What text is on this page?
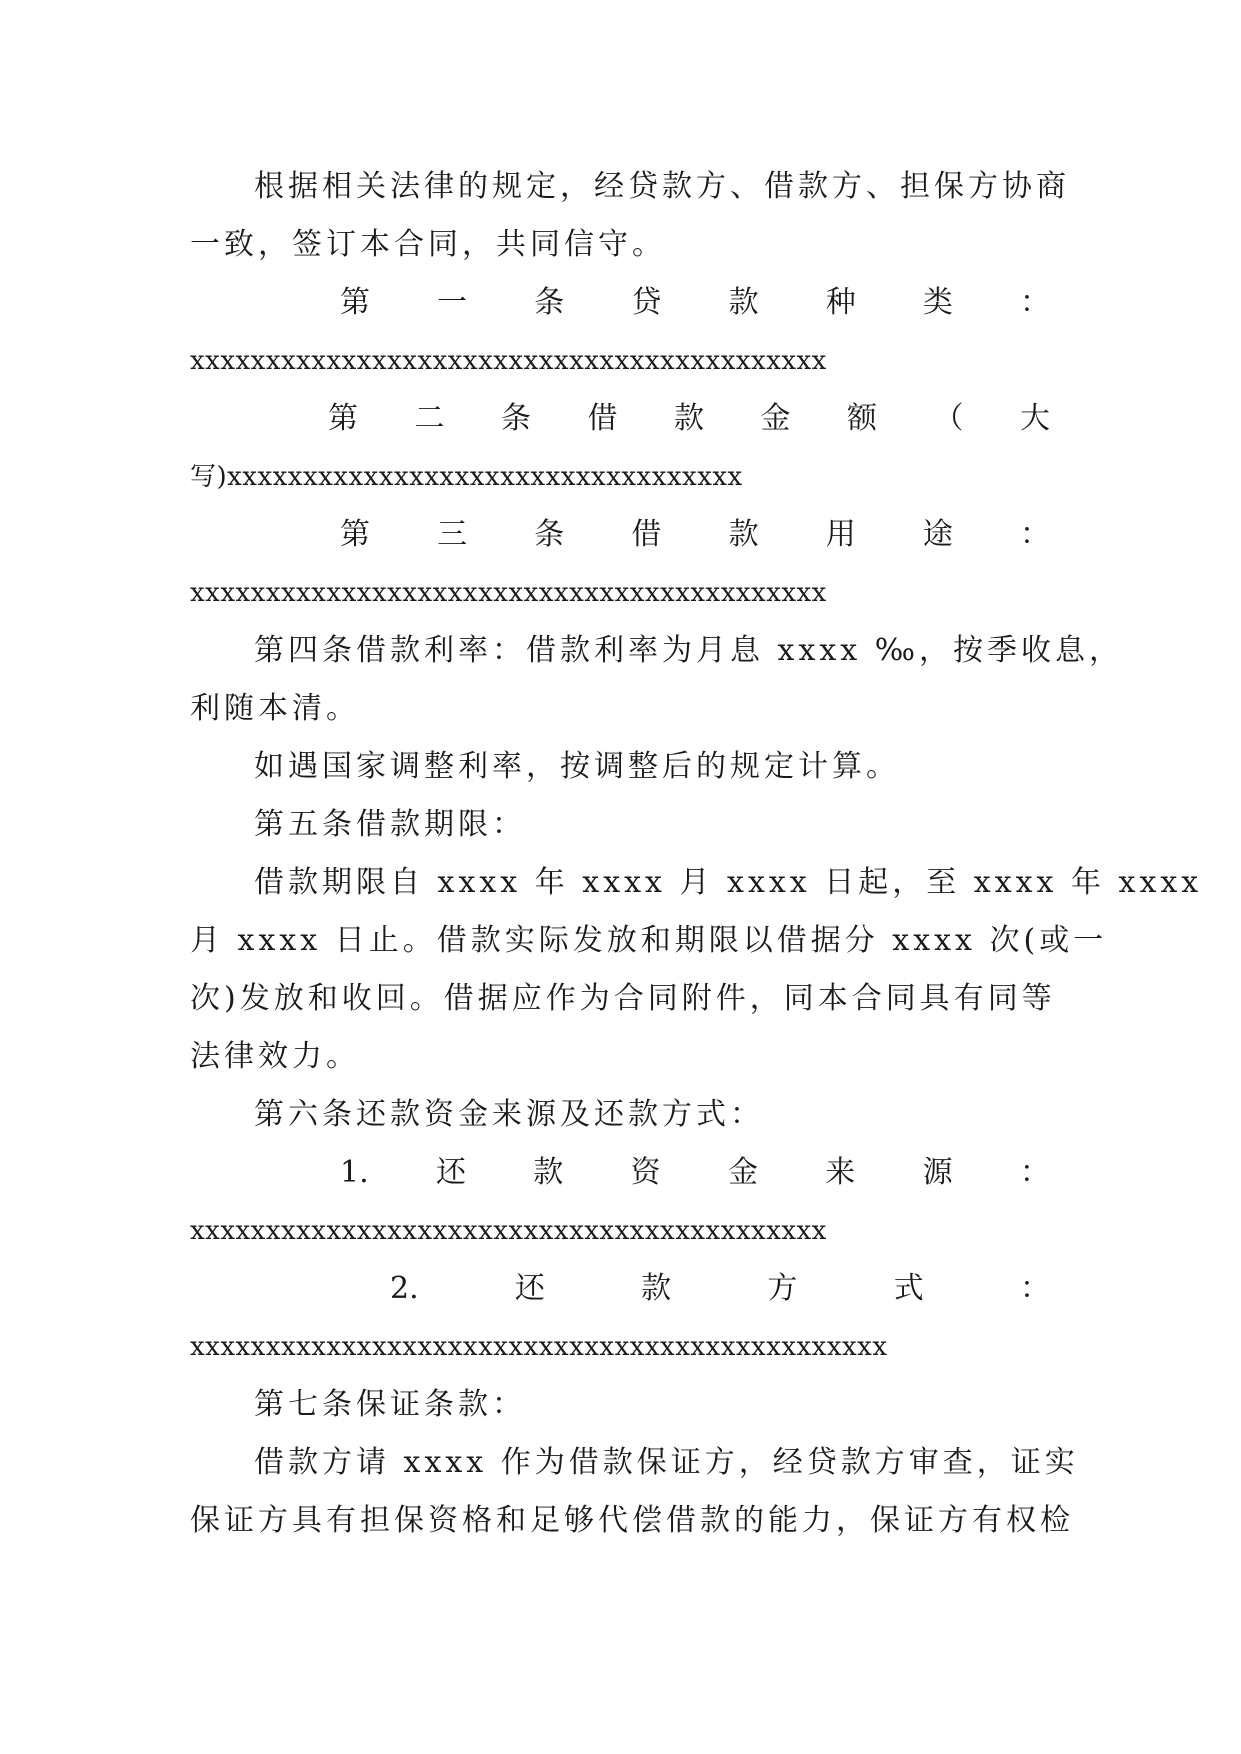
根据相关法律的规定，经贷款方、借款方、担保方协商
一致，签订本合同，共同信守。
第 一 条 贷 款 种 类 ：
xxxxxxxxxxxxxxxxxxxxxxxxxxxxxxxxxxxxxxxxxx
第 二 条 借 款 金 额 （ 大
写)xxxxxxxxxxxxxxxxxxxxxxxxxxxxxxxxxx
第 三 条 借 款 用 途 ：
xxxxxxxxxxxxxxxxxxxxxxxxxxxxxxxxxxxxxxxxxx
第四条借款利率：借款利率为月息 xxxx ‰，按季收息，
利随本清。
如遇国家调整利率，按调整后的规定计算。
第五条借款期限：
借款期限自 xxxx 年 xxxx 月 xxxx 日起，至 xxxx 年 xxxx
月 xxxx 日止。借款实际发放和期限以借据分 xxxx 次(或一
次)发放和收回。借据应作为合同附件，同本合同具有同等
法律效力。
第六条还款资金来源及还款方式：
1. 还 款 资 金 来 源 ：
xxxxxxxxxxxxxxxxxxxxxxxxxxxxxxxxxxxxxxxxxx
2.	还	款	方	式	：
xxxxxxxxxxxxxxxxxxxxxxxxxxxxxxxxxxxxxxxxxxxxxx
第七条保证条款：
借款方请 xxxx 作为借款保证方，经贷款方审查，证实
保证方具有担保资格和足够代偿借款的能力，保证方有权检
